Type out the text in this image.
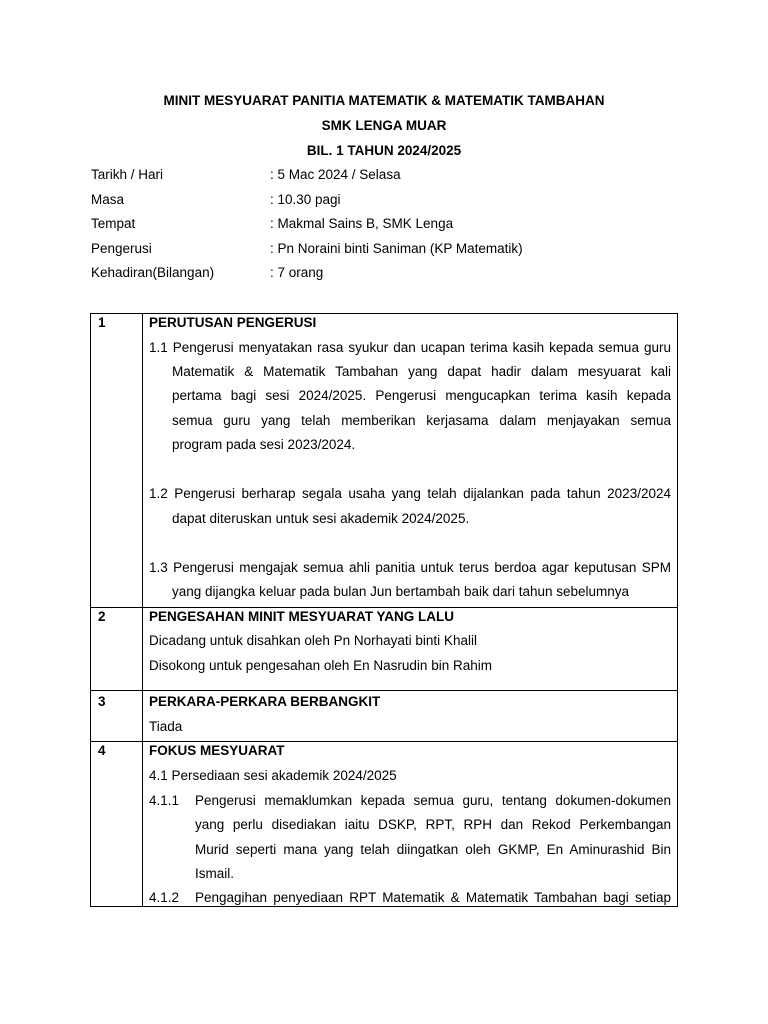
MINIT MESYUARAT PANITIA MATEMATIK & MATEMATIK TAMBAHAN
SMK LENGA MUAR
BIL. 1 TAHUN 2024/2025
Tarikh / Hari	: 5 Mac 2024 / Selasa
Masa	: 10.30 pagi
Tempat	: Makmal Sains B, SMK Lenga
Pengerusi	: Pn Noraini binti Saniman (KP Matematik)
Kehadiran(Bilangan)	: 7 orang
1	PERUTUSAN PENGERUSI
1.1 Pengerusi menyatakan rasa syukur dan ucapan terima kasih kepada semua guru
Matematik & Matematik Tambahan yang dapat hadir dalam mesyuarat kali
pertama bagi sesi 2024/2025. Pengerusi mengucapkan terima kasih kepada
semua guru yang telah memberikan kerjasama dalam menjayakan semua
program pada sesi 2023/2024.
1.2 Pengerusi berharap segala usaha yang telah dijalankan pada tahun 2023/2024
dapat diteruskan untuk sesi akademik 2024/2025.
1.3 Pengerusi mengajak semua ahli panitia untuk terus berdoa agar keputusan SPM
yang dijangka keluar pada bulan Jun bertambah baik dari tahun sebelumnya
2	PENGESAHAN MINIT MESYUARAT YANG LALU
Dicadang untuk disahkan oleh Pn Norhayati binti Khalil
Disokong untuk pengesahan oleh En Nasrudin bin Rahim
3	PERKARA-PERKARA BERBANGKIT
Tiada
4	FOKUS MESYUARAT
4.1 Persediaan sesi akademik 2024/2025
4.1.1 Pengerusi memaklumkan kepada semua guru, tentang dokumen-dokumen
yang perlu disediakan iaitu DSKP, RPT, RPH dan Rekod Perkembangan
Murid seperti mana yang telah diingatkan oleh GKMP, En Aminurashid Bin
Ismail.
4.1.2 Pengagihan penyediaan RPT Matematik & Matematik Tambahan bagi setiap
